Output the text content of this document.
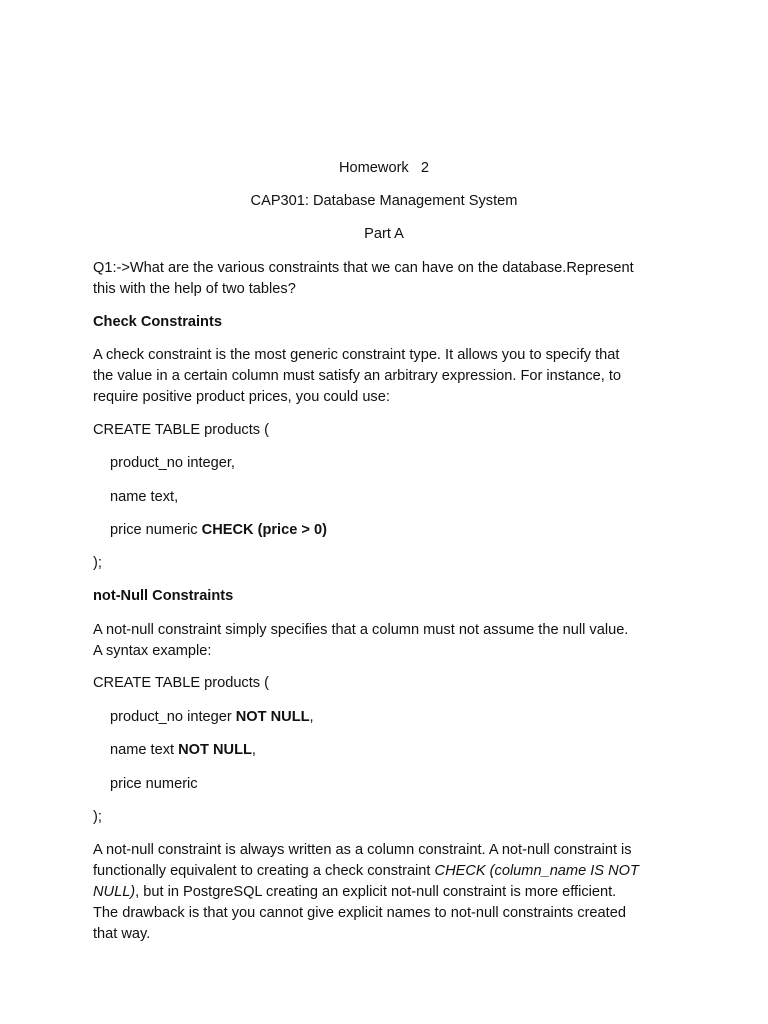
Homework   2
CAP301: Database Management System
Part A
Q1:->What are the various constraints that we can have on the database.Represent
this with the help of two tables?
Check Constraints
A check constraint is the most generic constraint type. It allows you to specify that
the value in a certain column must satisfy an arbitrary expression. For instance, to
require positive product prices, you could use:
CREATE TABLE products (
product_no integer,
name text,
price numeric CHECK (price > 0)
);
not-Null Constraints
A not-null constraint simply specifies that a column must not assume the null value.
A syntax example:
CREATE TABLE products (
product_no integer NOT NULL,
name text NOT NULL,
price numeric
);
A not-null constraint is always written as a column constraint. A not-null constraint is
functionally equivalent to creating a check constraint CHECK (column_name IS NOT
NULL), but in PostgreSQL creating an explicit not-null constraint is more efficient.
The drawback is that you cannot give explicit names to not-null constraints created
that way.
